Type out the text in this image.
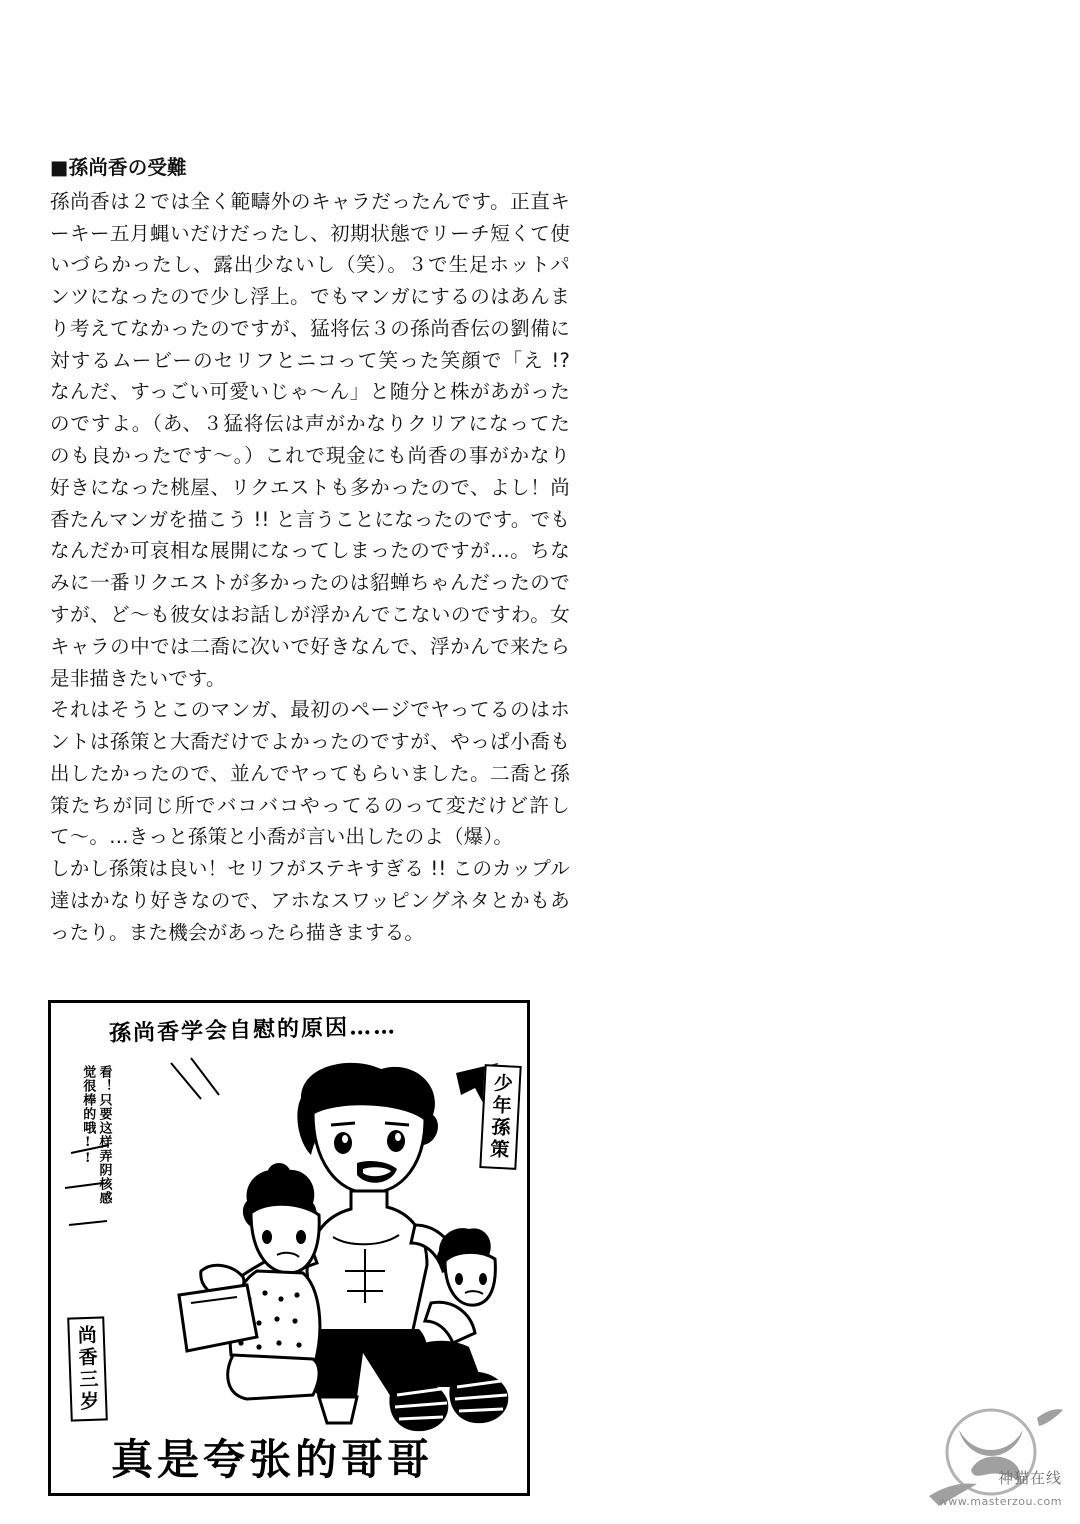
■孫尚香の受難

孫尚香は２では全く範疇外のキャラだったんです。正直キーキー五月蝿いだけだったし、初期状態でリーチ短くて使いづらかったし、露出少ないし（笑）。３で生足ホットパンツになったので少し浮上。でもマンガにするのはあんまり考えてなかったのですが、猛将伝３の孫尚香伝の劉備に対するムービーのセリフとニコって笑った笑顔で「え !? なんだ、すっごい可愛いじゃ〜ん」と随分と株があがったのですよ。（あ、３猛将伝は声がかなりクリアになってたのも良かったです〜。）これで現金にも尚香の事がかなり好きになった桃屋、リクエストも多かったので、よし！尚香たんマンガを描こう !! と言うことになったのです。でもなんだか可哀相な展開になってしまったのですが…。ちなみに一番リクエストが多かったのは貂蝉ちゃんだったのですが、ど〜も彼女はお話しが浮かんでこないのですわ。女キャラの中では二喬に次いで好きなんで、浮かんで来たら是非描きたいです。

それはそうとこのマンガ、最初のページでヤってるのはホントは孫策と大喬だけでよかったのですが、やっぱ小喬も出したかったので、並んでヤってもらいました。二喬と孫策たちが同じ所でバコバコやってるのって変だけど許して〜。…きっと孫策と小喬が言い出したのよ（爆）。

しかし孫策は良い！セリフがステキすぎる !! このカップル達はかなり好きなので、アホなスワッピングネタとかもあったり。また機会があったら描きまする。

孫尚香学会自慰的原因……
看！只要这样弄阴核感觉很棒的哦!!	少年孫策
尚香三岁
真是夸张的哥哥	神猫在线
www.masterzou.com
